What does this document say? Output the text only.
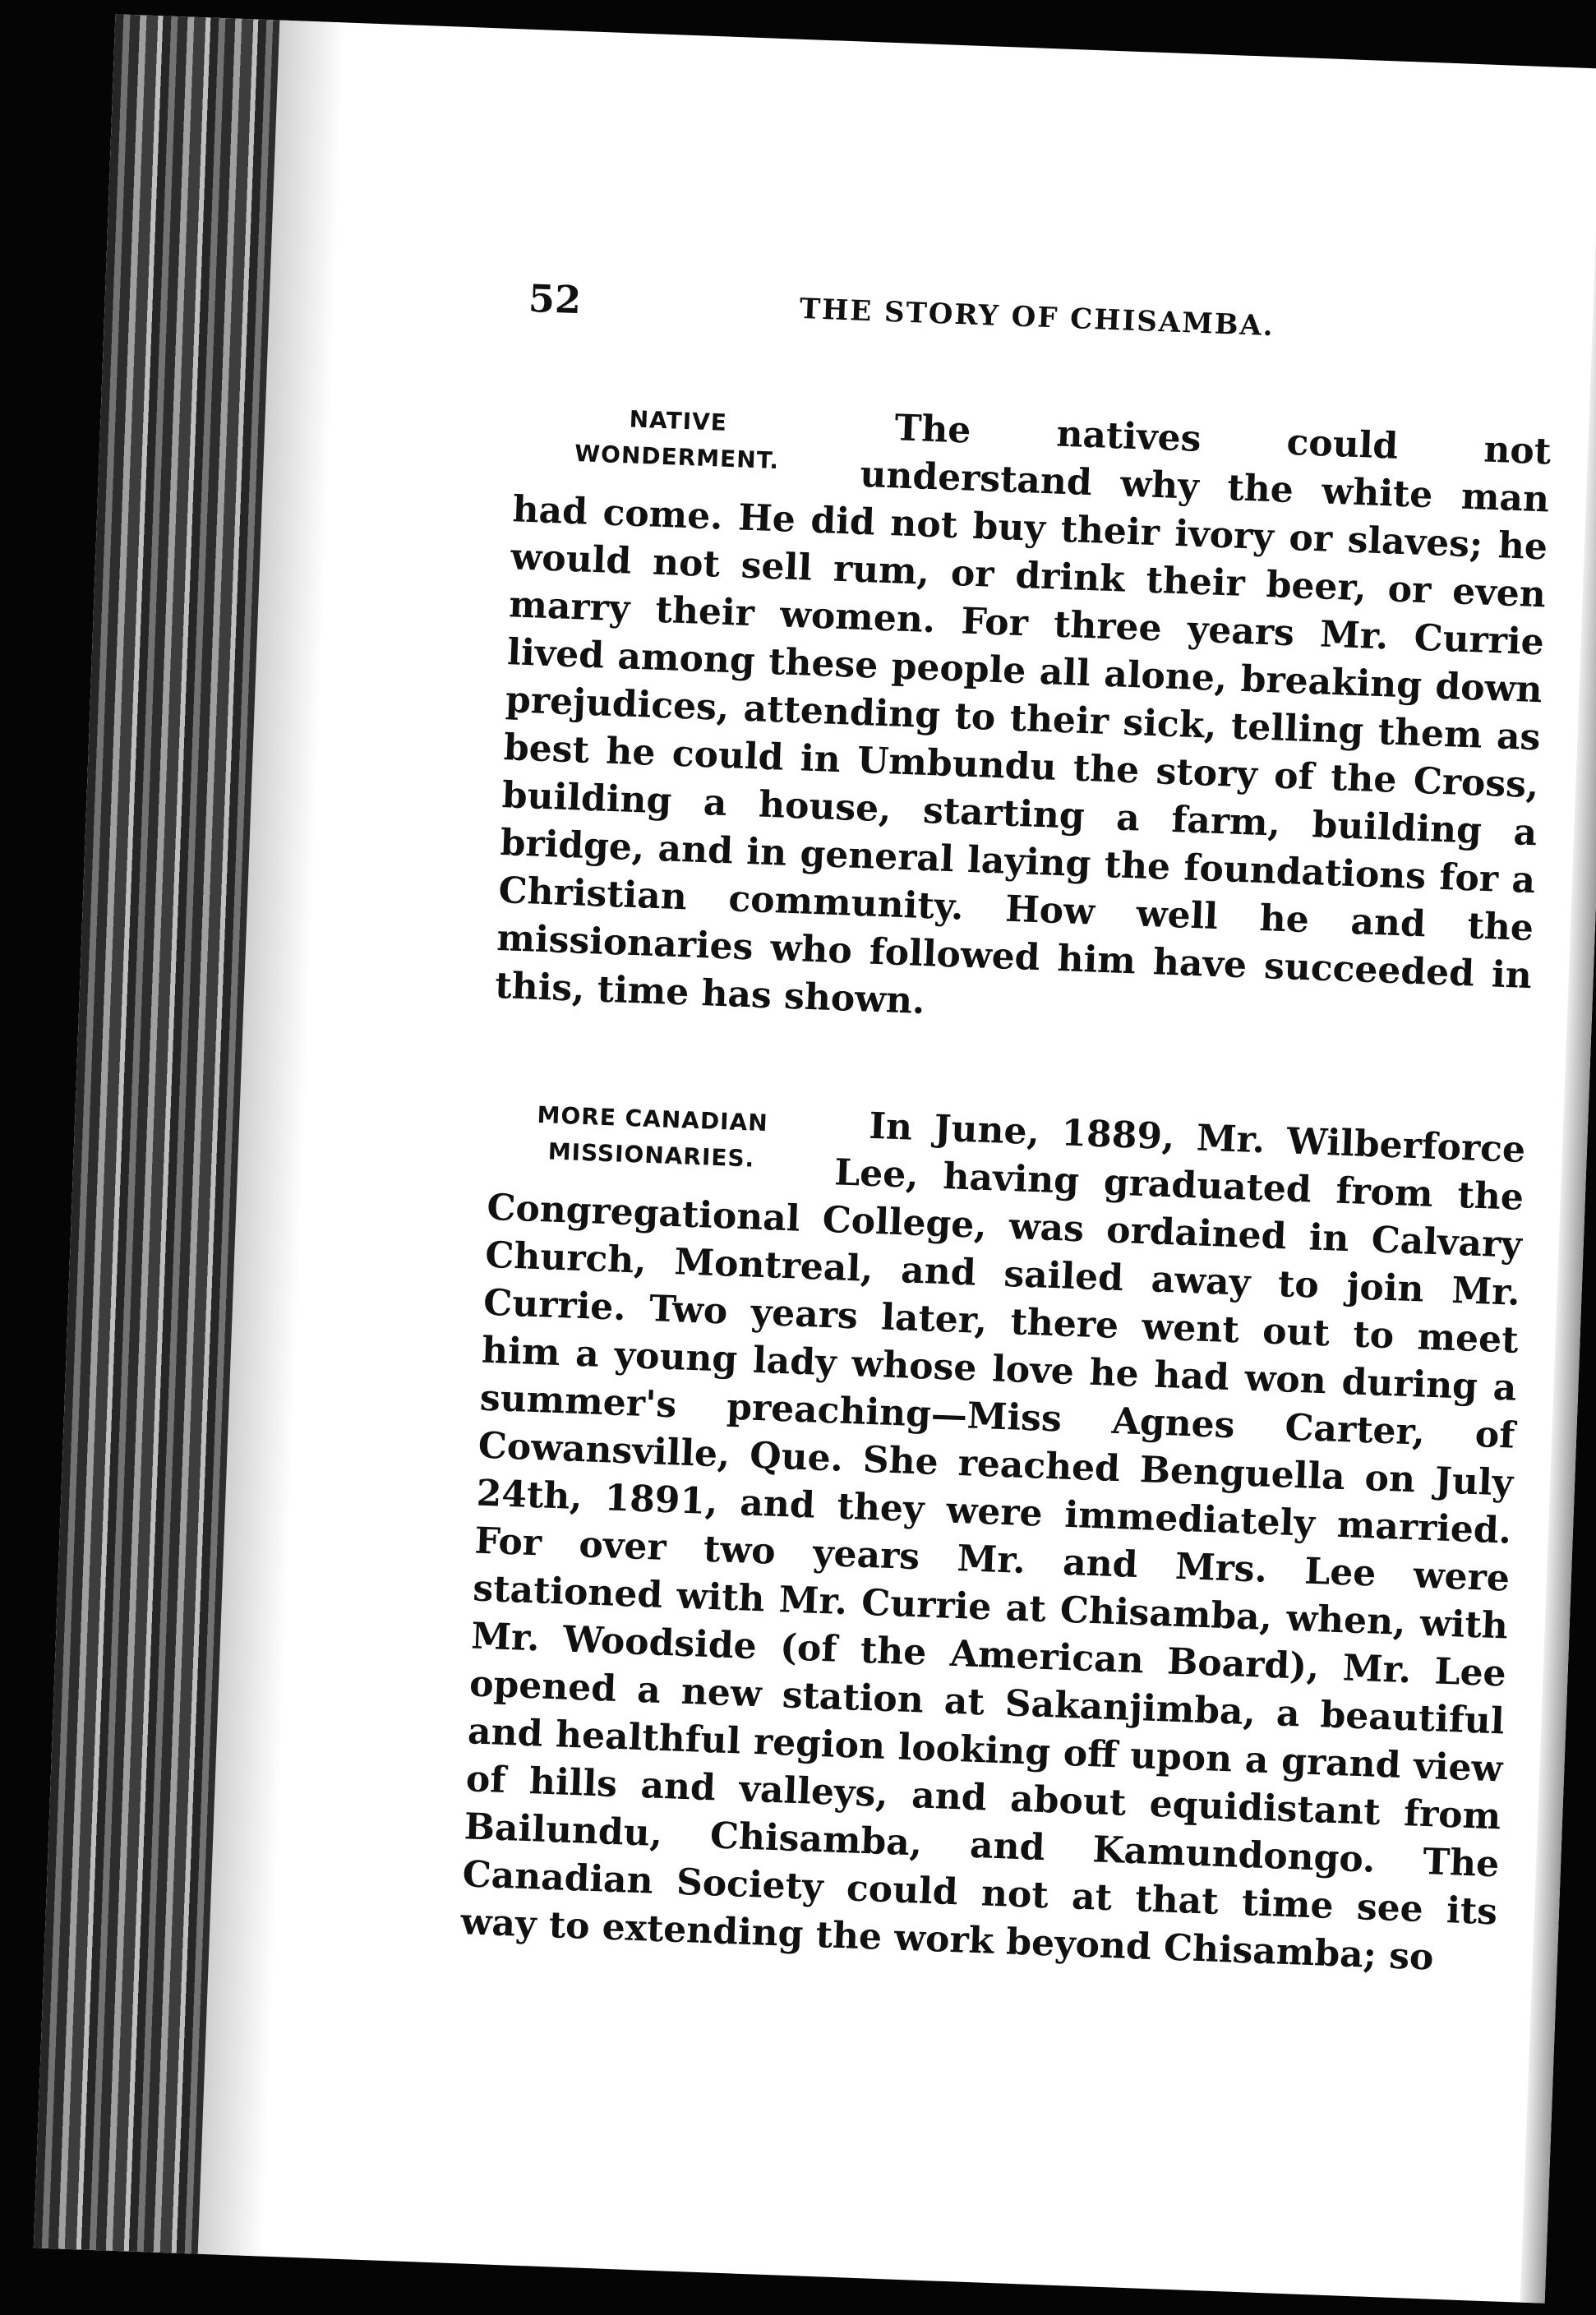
52	THE STORY OF CHISAMBA.
NATIVE
WONDERMENT.	The natives could not understand why the white man had come. He did not buy their ivory or slaves; he would not sell rum, or drink their beer, or even marry their women. For three years Mr. Currie lived among these people all alone, breaking down prejudices, attending to their sick, telling them as best he could in Umbundu the story of the Cross, building a house, starting a farm, building a bridge, and in general laying the foundations for a Christian community. How well he and the missionaries who followed him have succeeded in this, time has shown.
MORE CANADIAN
MISSIONARIES.	In June, 1889, Mr. Wilberforce Lee, having graduated from the Congregational College, was ordained in Calvary Church, Montreal, and sailed away to join Mr. Currie. Two years later, there went out to meet him a young lady whose love he had won during a summer's preaching—Miss Agnes Carter, of Cowansville, Que. She reached Benguella on July 24th, 1891, and they were immediately married. For over two years Mr. and Mrs. Lee were stationed with Mr. Currie at Chisamba, when, with Mr. Woodside (of the American Board), Mr. Lee opened a new station at Sakanjimba, a beautiful and healthful region looking off upon a grand view of hills and valleys, and about equidistant from Bailundu, Chisamba, and Kamundongo. The Canadian Society could not at that time see its way to extending the work beyond Chisamba; so
